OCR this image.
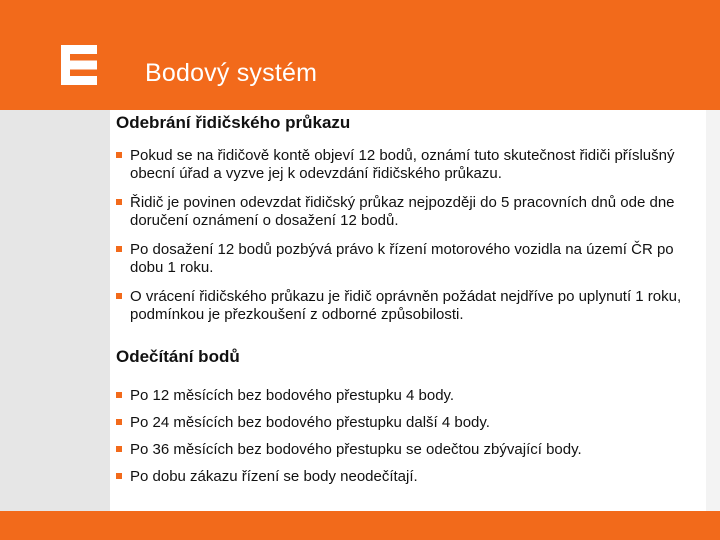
Bodový systém
Odebrání řidičského průkazu
Pokud se na řidičově kontě objeví 12 bodů, oznámí tuto skutečnost řidiči příslušný obecní úřad a vyzve jej k odevzdání řidičského průkazu.
Řidič je povinen odevzdat řidičský průkaz nejpozději do 5 pracovních dnů ode dne doručení oznámení o dosažení 12 bodů.
Po dosažení 12 bodů pozbývá právo k řízení motorového vozidla na území ČR po dobu 1 roku.
O vrácení řidičského průkazu je řidič oprávněn požádat nejdříve po uplynutí 1 roku, podmínkou je přezkoušení z odborné způsobilosti.
Odečítání bodů
Po 12 měsících bez bodového přestupku 4 body.
Po 24 měsících bez bodového přestupku další 4 body.
Po 36 měsících bez bodového přestupku se odečtou zbývající body.
Po dobu zákazu řízení se body neodečítají.
